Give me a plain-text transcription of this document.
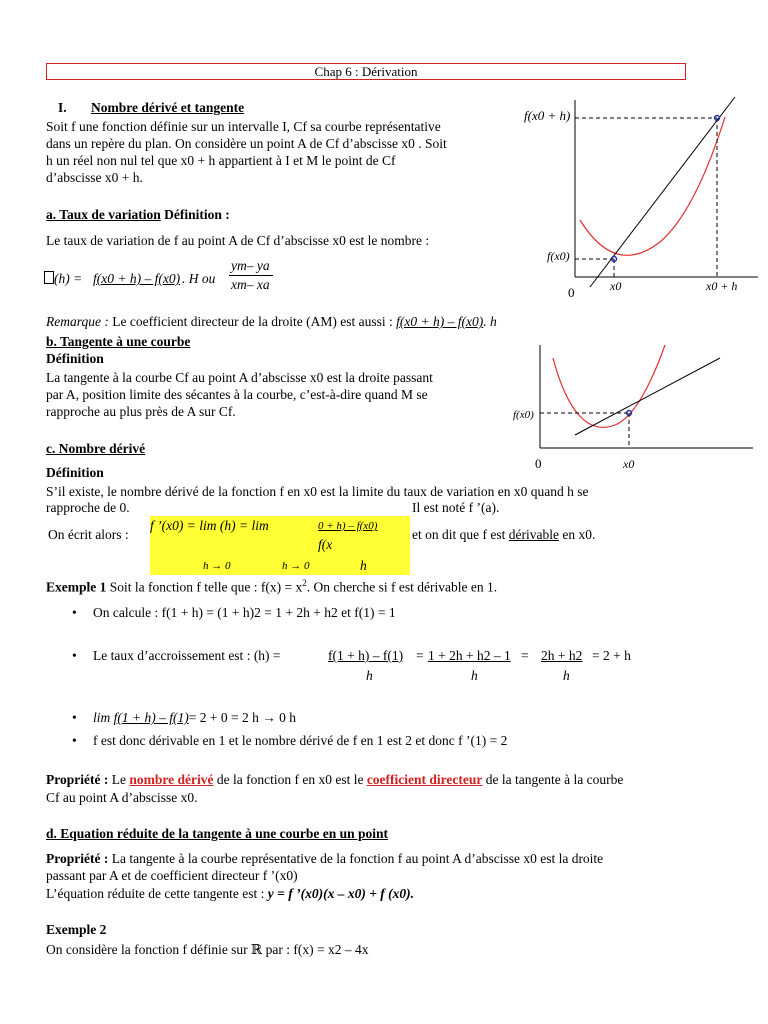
Chap 6 : Dérivation
I. Nombre dérivé et tangente
Soit f une fonction définie sur un intervalle I, Cf sa courbe représentative
dans un repère du plan. On considère un point A de Cf d’abscisse x0 . Soit
h un réel non nul tel que x0 + h appartient à I et M le point de Cf
d’abscisse x0 + h.
f(x0 + h)
f(x0)
0	x0	x0 + h
a. Taux de variation Définition :
Le taux de variation de f au point A de Cf d’abscisse x0 est le nombre :
(h) = f(x0 + h) – f(x0) . H ou
ym– ya
xm– xa
Remarque : Le coefficient directeur de la droite (AM) est aussi : f(x0 + h) – f(x0). h
b. Tangente à une courbe
Définition
La tangente à la courbe Cf au point A d’abscisse x0 est la droite passant
par A, position limite des sécantes à la courbe, c’est-à-dire quand M se
rapproche au plus près de A sur Cf.	f(x0)
0	x0
c. Nombre dérivé
Définition
S’il existe, le nombre dérivé de la fonction f en x0 est la limite du taux de variation en x0 quand h se
rapproche de 0.	Il est noté f ’(a).
On écrit alors :
f ’(x0) = lim (h) = lim	0 + h) – f(x0)
f(x
h → 0	h → 0	h
et on dit que f est dérivable en x0.
Exemple 1 Soit la fonction f telle que : $f(x) = x^2$. On cherche si f est dérivable en 1.
• On calcule : f(1 + h) = (1 + h)2 = 1 + 2h + h2 et f(1) = 1
• Le taux d’accroissement est : (h) =	f(1 + h) – f(1) = 1 + 2h + h2 – 1 = 2h + h2 = 2 + h
h	h	h
• lim f(1 + h) – f(1)= 2 + 0 = 2 h → 0 h
• f est donc dérivable en 1 et le nombre dérivé de f en 1 est 2 et donc f ’(1) = 2
Propriété : Le nombre dérivé de la fonction f en x0 est le coefficient directeur de la tangente à la courbe
Cf au point A d’abscisse x0.
d. Equation réduite de la tangente à une courbe en un point
Propriété : La tangente à la courbe représentative de la fonction f au point A d’abscisse x0 est la droite
passant par A et de coefficient directeur f ’(x0)
L’équation réduite de cette tangente est : y = f ’(x0)(x – x0) + f (x0).
Exemple 2
On considère la fonction f définie sur ℝ par : f(x) = x2 – 4x
